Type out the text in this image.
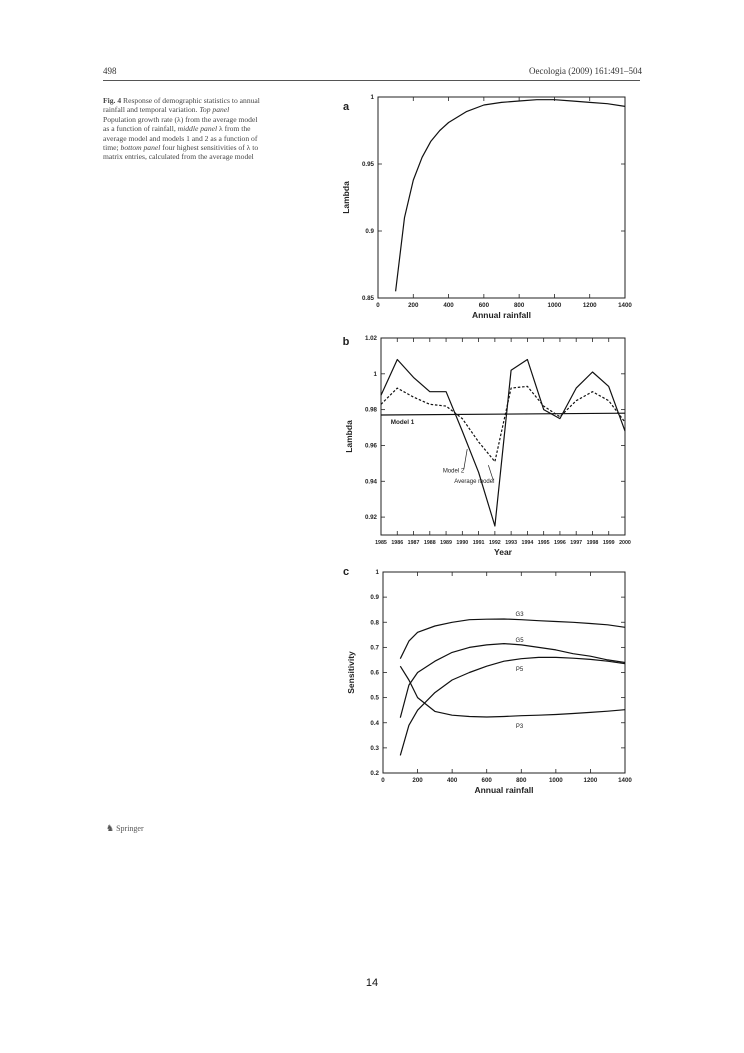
498	Oecologia (2009) 161:491–504
Fig. 4 Response of demographic statistics to annual rainfall and temporal variation. Top panel Population growth rate (λ) from the average model as a function of rainfall, middle panel λ from the average model and models 1 and 2 as a function of time; bottom panel four highest sensitivities of λ to matrix entries, calculated from the average model
♞ Springer
a
0	200	400	600	800	1000	1200	1400
0.85
0.9
0.95
1
Annual rainfall
Lambda
b
1985 1986 1987 1988 1989 1990 1991 1992 1993 1994 1995 1996 1997 1998 1999 2000
0.92
0.94
0.96
0.98
1
1.02
Year
Lambda	Model 1
Model 2
Average model
c
0	200	400	600	800	1000	1200	1400
0.2
0.3
0.4
0.5
0.6
0.7
0.8
0.9
1
Annual rainfall
Sensitivity
G3
G5
P5
P3
14
